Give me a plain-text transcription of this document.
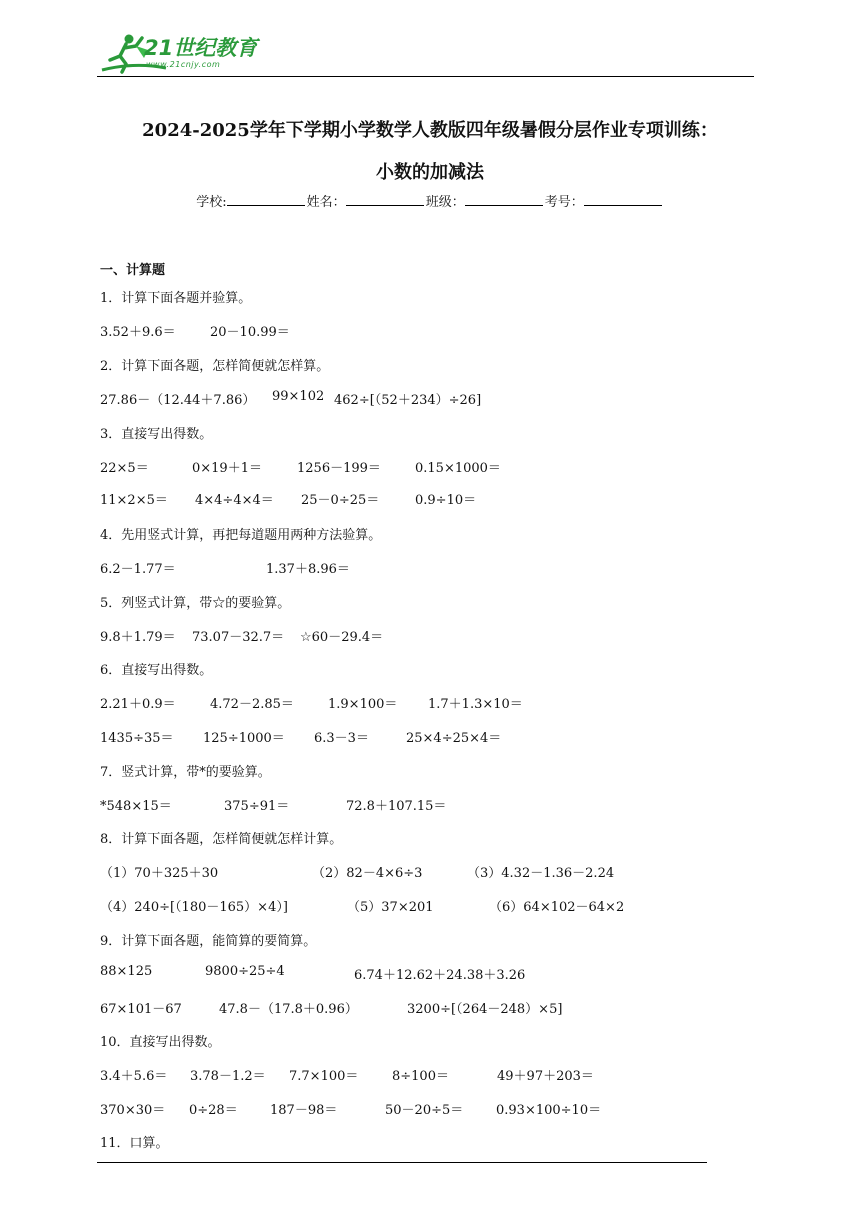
21世纪教育
www.21cnjy.com
2024-2025学年下学期小学数学人教版四年级暑假分层作业专项训练：
小数的加减法
学校:	姓名：	班级：	考号：
一、计算题
1．计算下面各题并验算。
3.52＋9.6＝	20－10.99＝
2．计算下面各题，怎样简便就怎样算。
27.86－（12.44＋7.86） 99×102 462÷[（52＋234）÷26]
3．直接写出得数。
22×5＝	0×19＋1＝	1256－199＝	0.15×1000＝
11×2×5＝ 4×4÷4×4＝ 25－0÷25＝	0.9÷10＝
4．先用竖式计算，再把每道题用两种方法验算。
6.2－1.77＝	1.37＋8.96＝
5．列竖式计算，带☆的要验算。
9.8＋1.79＝ 73.07－32.7＝ ☆60－29.4＝
6．直接写出得数。
2.21＋0.9＝	4.72－2.85＝	1.9×100＝ 1.7＋1.3×10＝
1435÷35＝ 125÷1000＝ 6.3－3＝	25×4÷25×4＝
7．竖式计算，带*的要验算。
*548×15＝	375÷91＝	72.8＋107.15＝
8．计算下面各题，怎样简便就怎样计算。
（1）70＋325＋30	（2）82－4×6÷3	（3）4.32－1.36－2.24
（4）240÷[（180－165）×4）]	（5）37×201	（6）64×102－64×2
9．计算下面各题，能简算的要简算。
88×125	9800÷25÷4	6.74＋12.62＋24.38＋3.26
67×101－67	47.8－（17.8＋0.96）	3200÷[（264－248）×5]
10．直接写出得数。
3.4＋5.6＝ 3.78－1.2＝ 7.7×100＝	8÷100＝	49＋97＋203＝
370×30＝ 0÷28＝ 187－98＝	50－20÷5＝	0.93×100÷10＝
11．口算。
